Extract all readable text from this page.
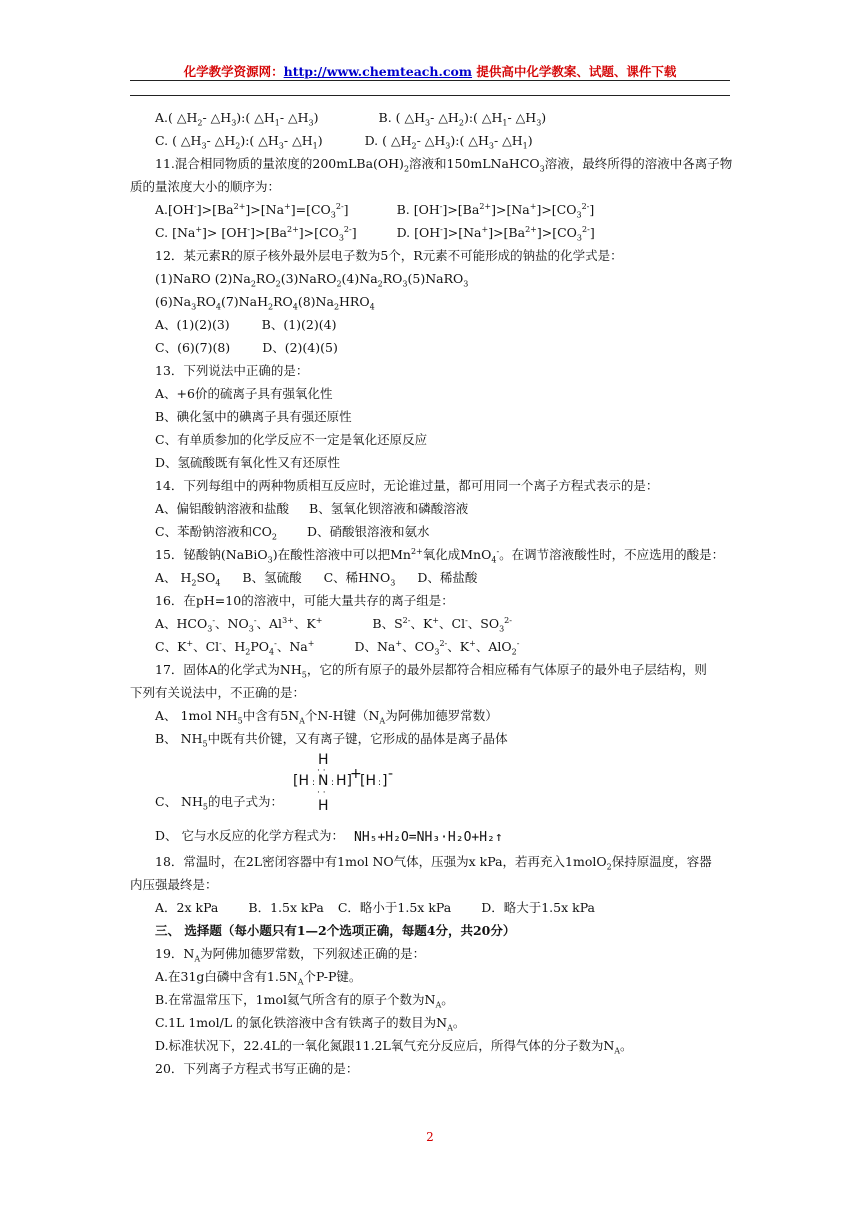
化学教学资源网：http://www.chemteach.com 提供高中化学教案、试题、课件下载
A.( $\triangle H_2-$ $\triangle H_3$):( $\triangle H_1-$ $\triangle H_3$)	B. ( $\triangle H_3-$ $\triangle H_2$):( $\triangle H_1-$ $\triangle H_3$)
C. ( $\triangle H_3-$ $\triangle H_2$):( $\triangle H_3-$ $\triangle H_1$)	D. ( $\triangle H_2-$ $\triangle H_3$):( $\triangle H_3-$ $\triangle H_1$)
11.混合相同物质的量浓度的$200mLBa(OH)_2$溶液和150mLNaHCO$_3$溶液，最终所得的溶液中各离子物
质的量浓度大小的顺序为：
$A.[OH^-]>[Ba^{2+}]>[Na^+]=[CO_3^{2-}]$	B. $[OH^-]>[Ba^{2+}]>[Na^+]>[CO_3^{2-}]$
C. $[Na^+]> [OH^-]>[Ba^{2+}]>[CO_3^{2-}]$	D. $[OH^-]>[Na^+]>[Ba^{2+}]>[CO_3^{2-}]$
12．某元素R的原子核外最外层电子数为5个，R元素不可能形成的钠盐的化学式是：
(1)NaRO $(2)Na_2RO_2(3)NaRO_2(4)Na_2RO_3(5)NaRO_3$
$(6)Na_3RO_4(7)NaH_2RO_4(8)Na_2HRO_4$
A、(1)(2)(3)	B、(1)(2)(4)
C、(6)(7)(8)	D、(2)(4)(5)
13．下列说法中正确的是：
A、+6价的硫离子具有强氧化性
B、碘化氢中的碘离子具有强还原性
C、有单质参加的化学反应不一定是氧化还原反应
D、氢硫酸既有氧化性又有还原性
14．下列每组中的两种物质相互反应时，无论谁过量，都可用同一个离子方程式表示的是：
A、偏铝酸钠溶液和盐酸 B、氢氧化钡溶液和磷酸溶液
C、苯酚钠溶液和$CO_2$ D、硝酸银溶液和氨水
15．铋酸钠(NaBiO$_3$)在酸性溶液中可以把$Mn^{2+}$氧化成MnO$_4$-。在调节溶液酸性时，不应选用的酸是：
A、 $H_2SO_4$ B、氢硫酸 C、稀$HNO_3$ D、稀盐酸
16．在pH=10的溶液中，可能大量共存的离子组是：
A、$HCO_3^-$、$NO_3^-$、$Al^{3+}$、K+	B、$S^{2-}$、K+、Cl-、$SO_3^{2-}$
C、K+、Cl-、$H_2PO_4^-$、Na+	D、Na+、$CO_3^{2-}$、K+、AlO$_2$-
17．固体A的化学式为$NH_5$，它的所有原子的最外层都符合相应稀有气体原子的最外电子层结构，则
下列有关说法中，不正确的是：
A、 1mol $NH_5$中含有$5N_A$个N-H键（$N_A$为阿佛加德罗常数）
B、 $NH_5$中既有共价键，又有离子键，它形成的晶体是离子晶体
H
· ·
[H : N : H]
+
[H : ] -
· ·
H
C、 $NH_5$的电子式为：
D、 它与水反应的化学方程式为： NH₅+H₂O=NH₃·H₂O+H₂↑
18．常温时，在2L密闭容器中有1mol NO气体，压强为x kPa，若再充入1molO$_2$保持原温度，容器
内压强最终是：
A．2x kPa B．1.5x kPa C．略小于1.5x kPa D．略大于1.5x kPa
三、 选择题（每小题只有1—2个选项正确，每题4分，共20分）
19．$N_A$为阿佛加德罗常数，下列叙述正确的是：
A.在31g白磷中含有$1.5N_A$个P-P键。
B.在常温常压下，1mol氦气所含有的原子个数为$N_A$。
C.1L 1mol/L 的氯化铁溶液中含有铁离子的数目为$N_A$。
D.标准状况下，22.4L的一氧化氮跟11.2L氧气充分反应后，所得气体的分子数为$N_A$。
20．下列离子方程式书写正确的是：
2
